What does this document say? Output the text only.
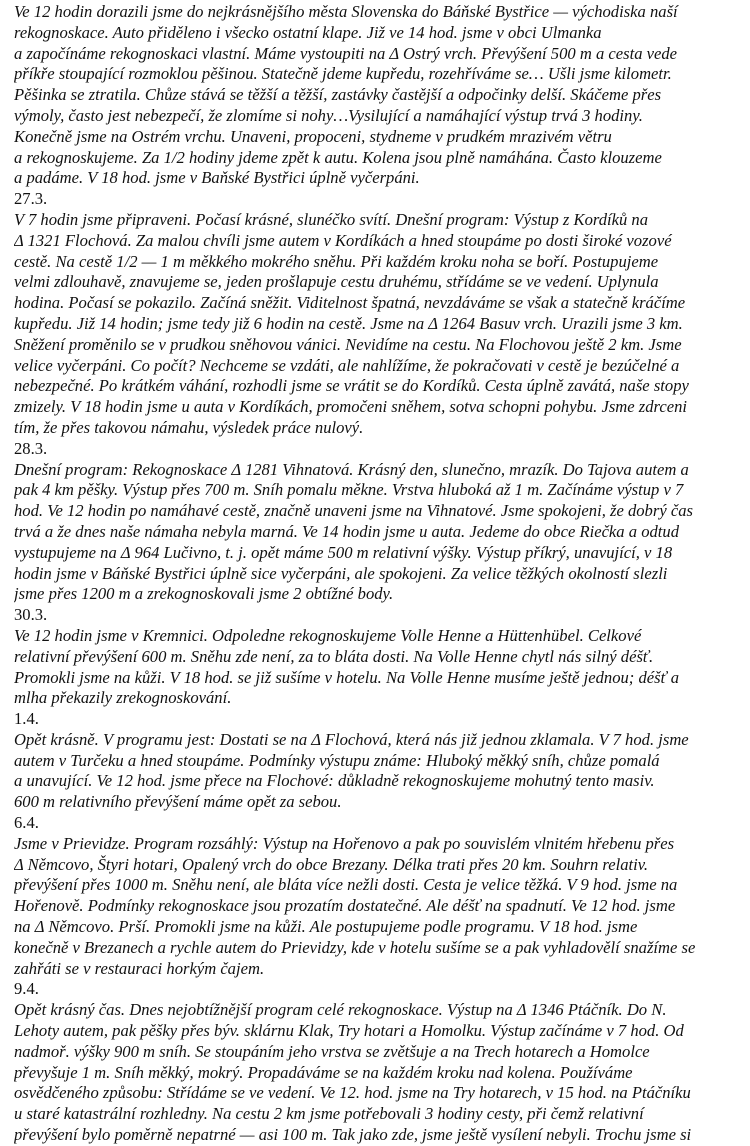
Ve 12 hodin dorazili jsme do nejkrásnějšího města Slovenska do Báňské Bystřice — východiska naší
rekognoskace. Auto přiděleno i všecko ostatní klape. Již ve 14 hod. jsme v obci Ulmanka
a započínáme rekognoskaci vlastní. Máme vystoupiti na Δ Ostrý vrch. Převýšení 500 m a cesta vede
příkře stoupající rozmoklou pěšinou. Statečně jdeme kupředu, rozehříváme se… Ušli jsme kilometr.
Pěšinka se ztratila. Chůze stává se těžší a těžší, zastávky častější a odpočinky delší. Skáčeme přes
výmoly, často jest nebezpečí, že zlomíme si nohy…Vysilující a namáhající výstup trvá 3 hodiny.
Konečně jsme na Ostrém vrchu. Unaveni, propoceni, stydneme v prudkém mrazivém větru
a rekognoskujeme. Za 1/2 hodiny jdeme zpět k autu. Kolena jsou plně namáhána. Často klouzeme
a padáme. V 18 hod. jsme v Baňské Bystřici úplně vyčerpáni.
27.3.
V 7 hodin jsme připraveni. Počasí krásné, slunéčko svítí. Dnešní program: Výstup z Kordíků na
Δ 1321 Flochová. Za malou chvíli jsme autem v Kordíkách a hned stoupáme po dosti široké vozové
cestě. Na cestě 1/2 — 1 m měkkého mokrého sněhu. Při každém kroku noha se boří. Postupujeme
velmi zdlouhavě, znavujeme se, jeden prošlapuje cestu druhému, střídáme se ve vedení. Uplynula
hodina. Počasí se pokazilo. Začíná sněžit. Viditelnost špatná, nevzdáváme se však a statečně kráčíme
kupředu. Již 14 hodin; jsme tedy již 6 hodin na cestě. Jsme na Δ 1264 Basuv vrch. Urazili jsme 3 km.
Sněžení proměnilo se v prudkou sněhovou vánici. Nevidíme na cestu. Na Flochovou ještě 2 km. Jsme
velice vyčerpáni. Co počít? Nechceme se vzdáti, ale nahlížíme, že pokračovati v cestě je bezúčelné a
nebezpečné. Po krátkém váhání, rozhodli jsme se vrátit se do Kordíků. Cesta úplně zavátá, naše stopy
zmizely. V 18 hodin jsme u auta v Kordíkách, promočeni sněhem, sotva schopni pohybu. Jsme zdrceni
tím, že přes takovou námahu, výsledek práce nulový.
28.3.
Dnešní program: Rekognoskace Δ 1281 Vihnatová. Krásný den, slunečno, mrazík. Do Tajova autem a
pak 4 km pěšky. Výstup přes 700 m. Sníh pomalu měkne. Vrstva hluboká až 1 m. Začínáme výstup v 7
hod. Ve 12 hodin po namáhavé cestě, značně unaveni jsme na Vihnatové. Jsme spokojeni, že dobrý čas
trvá a že dnes naše námaha nebyla marná. Ve 14 hodin jsme u auta. Jedeme do obce Riečka a odtud
vystupujeme na Δ 964 Lučivno, t. j. opět máme 500 m relativní výšky. Výstup příkrý, unavující, v 18
hodin jsme v Báňské Bystřici úplně sice vyčerpáni, ale spokojeni. Za velice těžkých okolností slezli
jsme přes 1200 m a zrekognoskovali jsme 2 obtížné body.
30.3.
Ve 12 hodin jsme v Kremnici. Odpoledne rekognoskujeme Volle Henne a Hüttenhübel. Celkové
relativní převýšení 600 m. Sněhu zde není, za to bláta dosti. Na Volle Henne chytl nás silný déšť.
Promokli jsme na kůži. V 18 hod. se již sušíme v hotelu. Na Volle Henne musíme ještě jednou; déšť a
mlha překazily zrekognoskování.
1.4.
Opět krásně. V programu jest: Dostati se na Δ Flochová, která nás již jednou zklamala. V 7 hod. jsme
autem v Turčeku a hned stoupáme. Podmínky výstupu známe: Hluboký měkký sníh, chůze pomalá
a unavující. Ve 12 hod. jsme přece na Flochové: důkladně rekognoskujeme mohutný tento masiv.
600 m relativního převýšení máme opět za sebou.
6.4.
Jsme v Prievidze. Program rozsáhlý: Výstup na Hořenovo a pak po souvislém vlnitém hřebenu přes
Δ Němcovo, Štyri hotari, Opalený vrch do obce Brezany. Délka trati přes 20 km. Souhrn relativ.
převýšení přes 1000 m. Sněhu není, ale bláta více nežli dosti. Cesta je velice těžká. V 9 hod. jsme na
Hořenově. Podmínky rekognoskace jsou prozatím dostatečné. Ale déšť na spadnutí. Ve 12 hod. jsme
na Δ Němcovo. Prší. Promokli jsme na kůži. Ale postupujeme podle programu. V 18 hod. jsme
konečně v Brezanech a rychle autem do Prievidzy, kde v hotelu sušíme se a pak vyhladovělí snažíme se
zahřáti se v restauraci horkým čajem.
9.4.
Opět krásný čas. Dnes nejobtížnější program celé rekognoskace. Výstup na Δ 1346 Ptáčník. Do N.
Lehoty autem, pak pěšky přes býv. sklárnu Klak, Try hotari a Homolku. Výstup začínáme v 7 hod. Od
nadmoř. výšky 900 m sníh. Se stoupáním jeho vrstva se zvětšuje a na Trech hotarech a Homolce
převyšuje 1 m. Sníh měkký, mokrý. Propadáváme se na každém kroku nad kolena. Používáme
osvědčeného způsobu: Střídáme se ve vedení. Ve 12. hod. jsme na Try hotarech, v 15 hod. na Ptáčníku
u staré katastrální rozhledny. Na cestu 2 km jsme potřebovali 3 hodiny cesty, při čemž relativní
převýšení bylo poměrně nepatrné — asi 100 m. Tak jako zde, jsme ještě vysílení nebyli. Trochu jsme si
